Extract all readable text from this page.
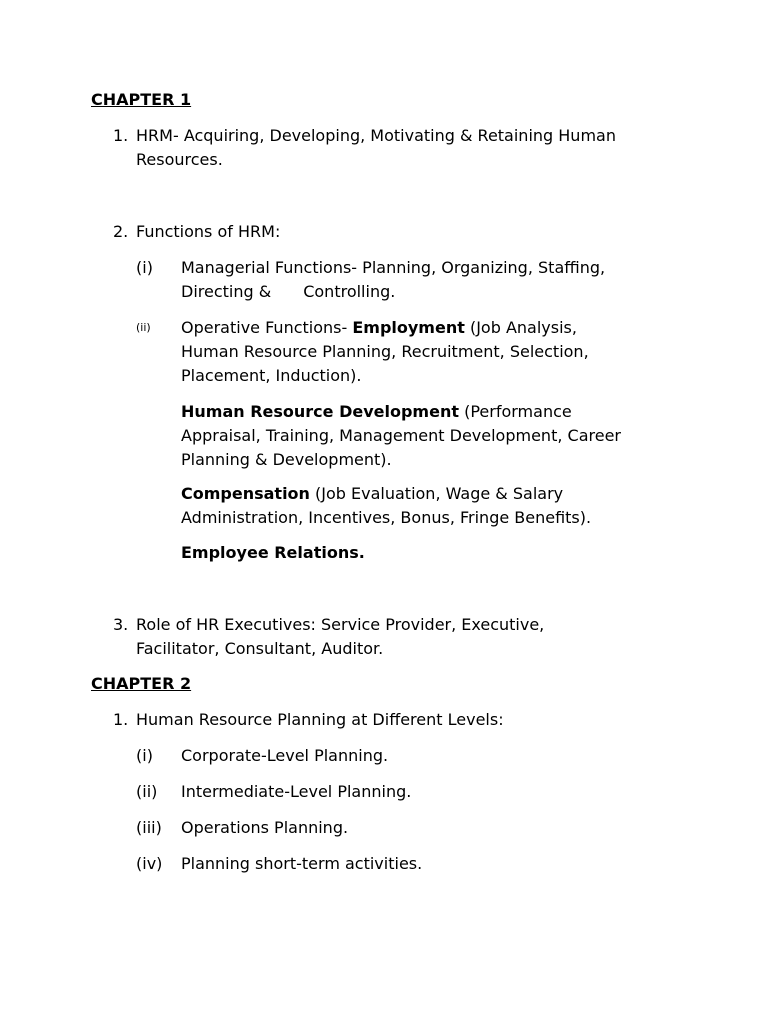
CHAPTER 1
1. HRM- Acquiring, Developing, Motivating & Retaining Human
Resources.
2. Functions of HRM:
(i) Managerial Functions- Planning, Organizing, Staffing,
Directing & Controlling.
(ii) Operative Functions- Employment (Job Analysis,
Human Resource Planning, Recruitment, Selection,
Placement, Induction).
Human Resource Development (Performance
Appraisal, Training, Management Development, Career
Planning & Development).
Compensation (Job Evaluation, Wage & Salary
Administration, Incentives, Bonus, Fringe Benefits).
Employee Relations.
3. Role of HR Executives: Service Provider, Executive,
Facilitator, Consultant, Auditor.
CHAPTER 2
1. Human Resource Planning at Different Levels:
(i) Corporate-Level Planning.
(ii) Intermediate-Level Planning.
(iii) Operations Planning.
(iv) Planning short-term activities.
